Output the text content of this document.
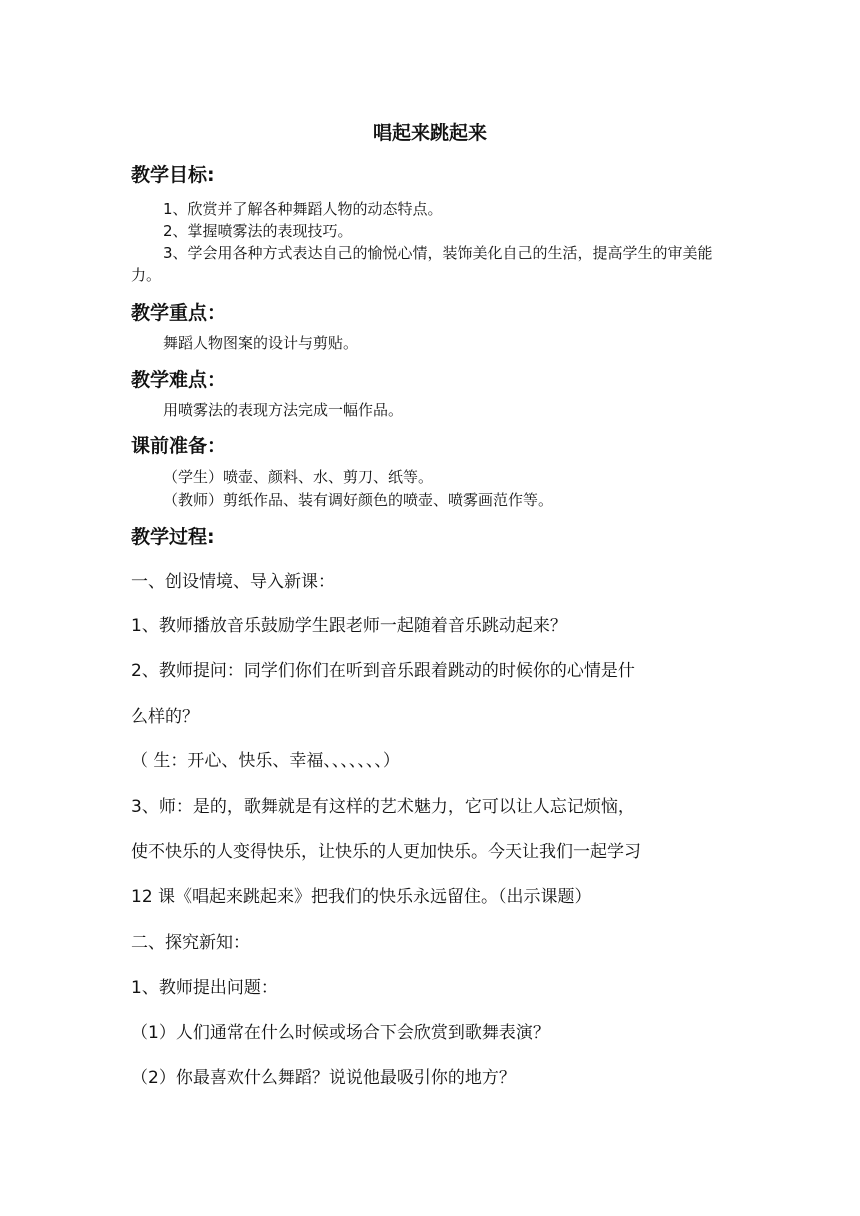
唱起来跳起来
教学目标:
1、欣赏并了解各种舞蹈人物的动态特点。
2、掌握喷雾法的表现技巧。
3、学会用各种方式表达自己的愉悦心情，装饰美化自己的生活，提高学生的审美能力。
教学重点：
舞蹈人物图案的设计与剪贴。
教学难点：
用喷雾法的表现方法完成一幅作品。
课前准备：
（学生）喷壶、颜料、水、剪刀、纸等。
（教师）剪纸作品、装有调好颜色的喷壶、喷雾画范作等。
教学过程:
一、创设情境、导入新课：
1、教师播放音乐鼓励学生跟老师一起随着音乐跳动起来？
2、教师提问：同学们你们在听到音乐跟着跳动的时候你的心情是什
么样的？
（ 生：开心、快乐、幸福、、、、、、、）
3、师：是的，歌舞就是有这样的艺术魅力，它可以让人忘记烦恼，
使不快乐的人变得快乐，让快乐的人更加快乐。今天让我们一起学习
12 课《唱起来跳起来》把我们的快乐永远留住。（出示课题）
二、探究新知：
1、教师提出问题：
（1）人们通常在什么时候或场合下会欣赏到歌舞表演？
（2）你最喜欢什么舞蹈？说说他最吸引你的地方？
